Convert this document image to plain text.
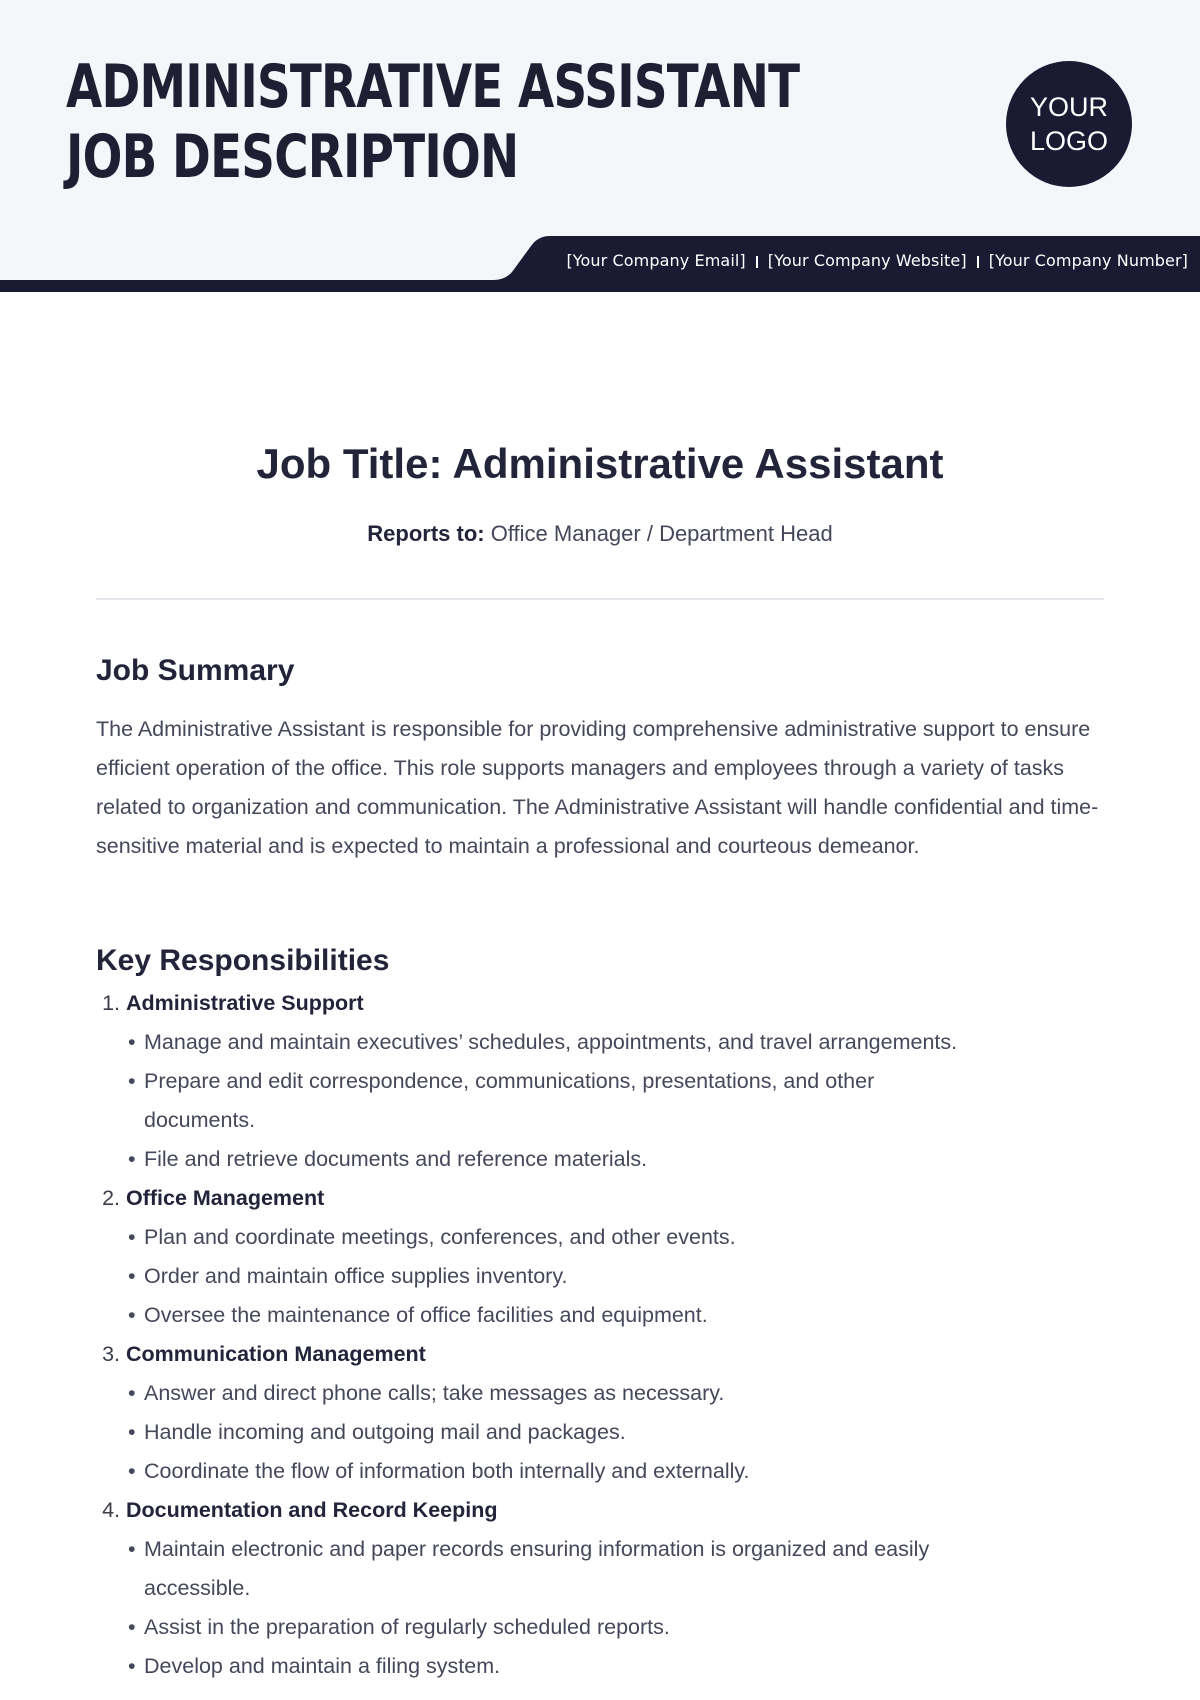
ADMINISTRATIVE ASSISTANT
JOB DESCRIPTION
YOUR
LOGO
[Your Company Email] [Your Company Website] [Your Company Number]
Job Title: Administrative Assistant
Reports to: Office Manager / Department Head
Job Summary

The Administrative Assistant is responsible for providing comprehensive administrative support to ensure efficient operation of the office. This role supports managers and employees through a variety of tasks related to organization and communication. The Administrative Assistant will handle confidential and time-sensitive material and is expected to maintain a professional and courteous demeanor.

Key Responsibilities
1. Administrative Support
• Manage and maintain executives’ schedules, appointments, and travel arrangements.
• Prepare and edit correspondence, communications, presentations, and other documents.
• File and retrieve documents and reference materials.
2. Office Management
• Plan and coordinate meetings, conferences, and other events.
• Order and maintain office supplies inventory.
• Oversee the maintenance of office facilities and equipment.
3. Communication Management
• Answer and direct phone calls; take messages as necessary.
• Handle incoming and outgoing mail and packages.
• Coordinate the flow of information both internally and externally.
4. Documentation and Record Keeping
• Maintain electronic and paper records ensuring information is organized and easily accessible.
• Assist in the preparation of regularly scheduled reports.
• Develop and maintain a filing system.
